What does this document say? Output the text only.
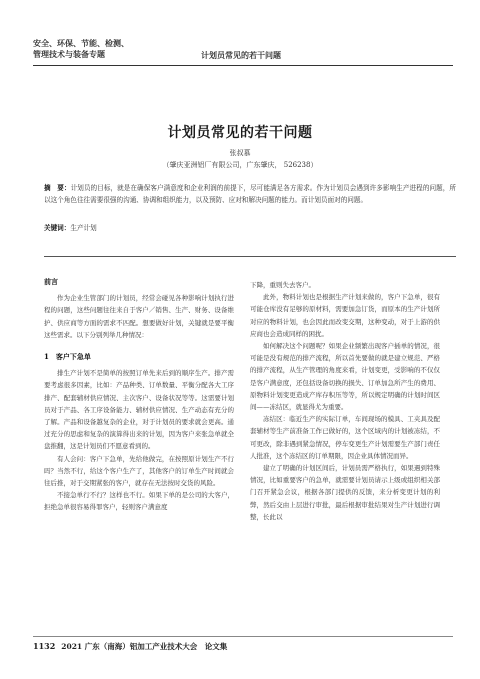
安全、环保、节能、检测、
管理技术与装备专题	计划员常见的若干问题
计划员常见的若干问题
张叔慕
（肇庆亚洲铝厂有限公司，广东肇庆， 526238）
摘　要：计划员的目标，就是在确保客户满意度和企业利润的前提下，尽可能满足各方需求。作为计划员会遇到许多影响生产进程的问题，所以这个角色往往需要很强的沟通、协调和组织能力，以及预防、应对和解决问题的能力。而计划员面对的问题。
关键词：生产计划
前言

作为企业生管部门的计划员，经常会碰见各种影响计划执行进程的问题，这些问题往往来自于客户／销售、生产、财务、设备维护、供应商等方面的需求不匹配。想要做好计划，关键就是要平衡这些需求。以下分别列举几种情况：

1　客户下急单

排生产计划不是简单的按照订单先来后到的顺序生产。排产需要考虑很多因素，比如：产品种类、订单数量、平衡分配各大工序排产、配套辅材供应情况、主次客户、设备状况等等。这需要计划员对于产品、各工序设备能力、辅材供应情况、生产动态有充分的了解。产品和设备越复杂的企业，对于计划员的要求就会更高。通过充分的思虑和复杂的演算得出来的计划，因为客户来张急单就全盘推翻，这是计划员们不愿意看到的。

有人会问：客户下急单，先给他做完，在按照原计划生产不行吗？当然不行，给这个客户生产了，其他客户的订单生产时间就会往后推，对于交期紧张的客户，就存在无法按时交货的风险。

不接急单行不行？这样也不行。如果下单的是公司的大客户，拒绝急单很容易得罪客户，轻则客户满意度

下降，重则失去客户。

此外，物料计划也是根据生产计划来做的，客户下急单，很有可能仓库没有足够的原材料，需要加急订货，而原本的生产计划所对应的物料计划，也会因此而改变交期，这种变动，对于上游的供应商也会造成同样的困扰。

如何解决这个问题呢？如果企业频繁出现客户插单的情况，很可能是没有规范的排产流程，所以首先要做的就是建立规范、严格的排产流程，从生产管理的角度来看，计划变更，受影响的不仅仅是客户满意度，还包括设备切换的损失、订单加急所产生的费用、原物料计划变更造成产库存积压等等，所以规定明确的计划时间区间——冻结区，就显得尤为重要。

冻结区：临近生产的实际订单，车间现场的模具、工夹具及配套辅材等生产前准备工作已做好的，这个区域内的计划被冻结，不可更改，除非遇到紧急情况，停车变更生产计划需要生产部门责任人批准，这个冻结区的订单期限，因企业具体情况而异。

建立了明确的计划区间后，计划员需严格执行，如果遇到特殊情况，比如重要客户的急单，就需要计划员请示上级或组织相关部门召开紧急会议，根据各部门提供的反馈，来分析变更计划的利弊，然后交由上层进行审批，最后根据审批结果对生产计划进行调整，长此以

1132 2021 广东（南海）铝加工产业技术大会　论文集
